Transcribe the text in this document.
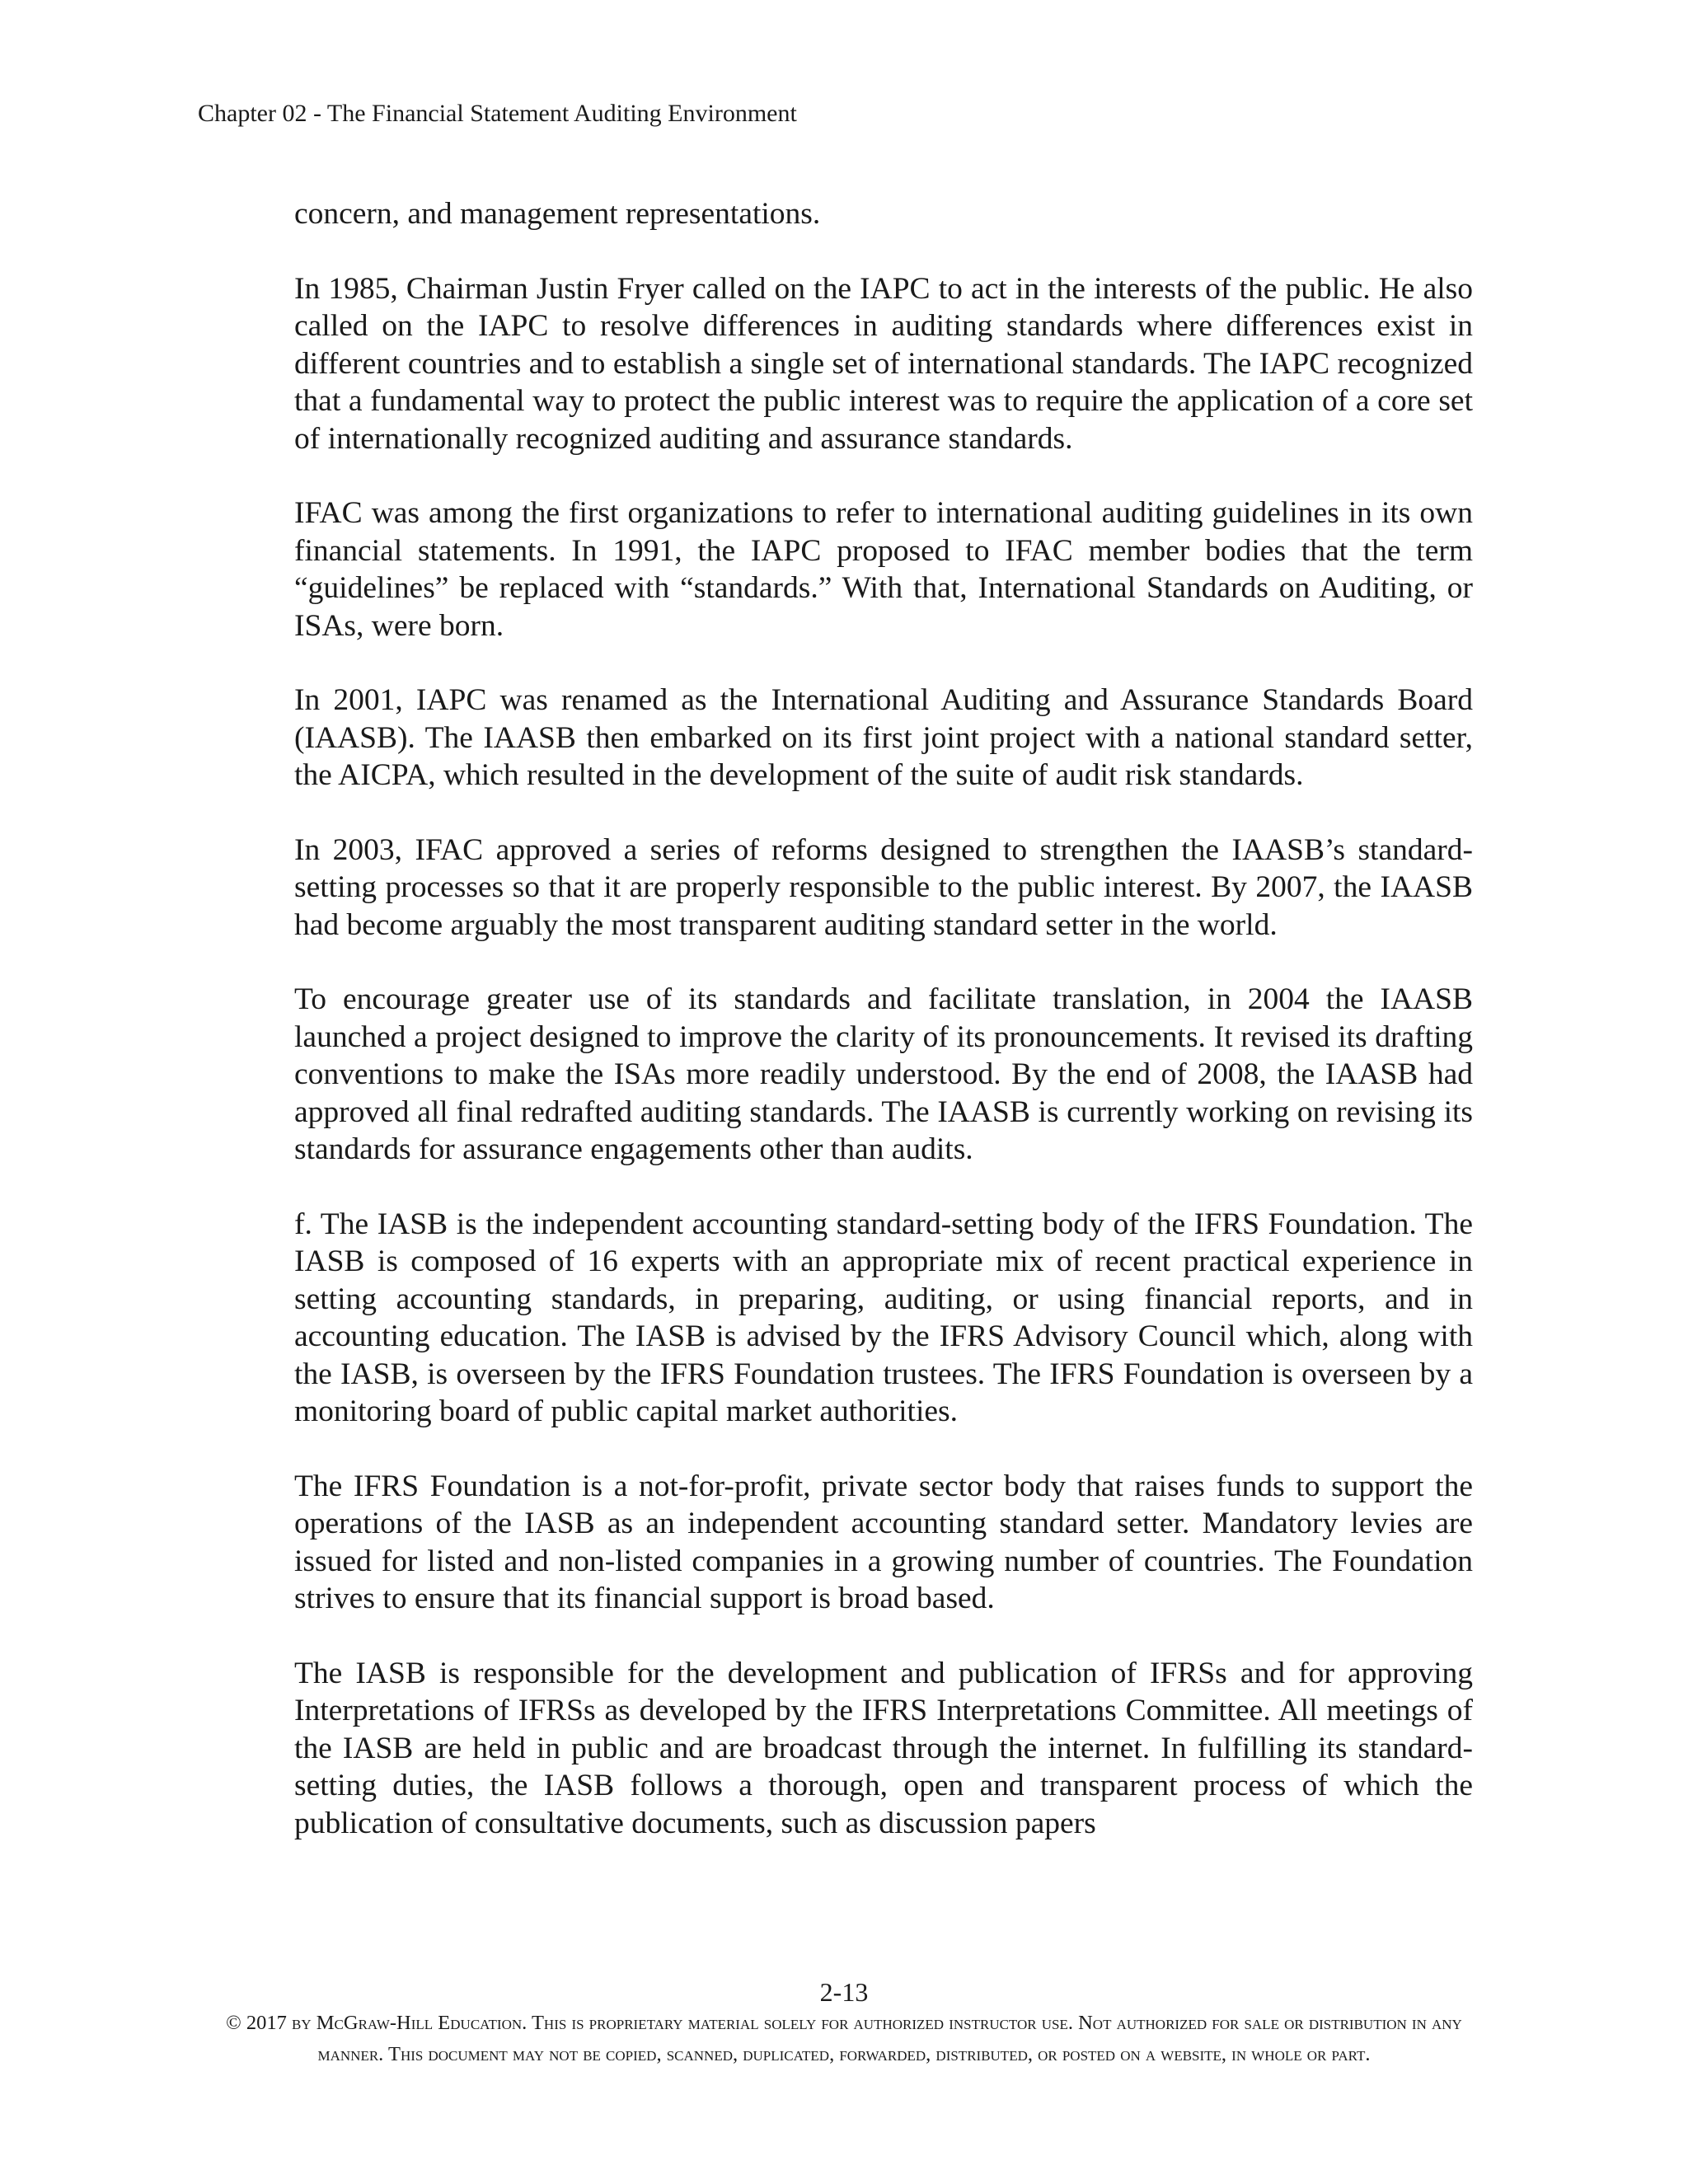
Chapter 02 - The Financial Statement Auditing Environment

concern, and management representations.

In 1985, Chairman Justin Fryer called on the IAPC to act in the interests of the public. He also called on the IAPC to resolve differences in auditing standards where differences exist in different countries and to establish a single set of international standards. The IAPC recognized that a fundamental way to protect the public interest was to require the application of a core set of internationally recognized auditing and assurance standards.

IFAC was among the first organizations to refer to international auditing guidelines in its own financial statements. In 1991, the IAPC proposed to IFAC member bodies that the term “guidelines” be replaced with “standards.” With that, International Standards on Auditing, or ISAs, were born.

In 2001, IAPC was renamed as the International Auditing and Assurance Standards Board (IAASB). The IAASB then embarked on its first joint project with a national standard setter, the AICPA, which resulted in the development of the suite of audit risk standards.

In 2003, IFAC approved a series of reforms designed to strengthen the IAASB’s standard-setting processes so that it are properly responsible to the public interest. By 2007, the IAASB had become arguably the most transparent auditing standard setter in the world.

To encourage greater use of its standards and facilitate translation, in 2004 the IAASB launched a project designed to improve the clarity of its pronouncements. It revised its drafting conventions to make the ISAs more readily understood. By the end of 2008, the IAASB had approved all final redrafted auditing standards. The IAASB is currently working on revising its standards for assurance engagements other than audits.

f. The IASB is the independent accounting standard-setting body of the IFRS Foundation. The IASB is composed of 16 experts with an appropriate mix of recent practical experience in setting accounting standards, in preparing, auditing, or using financial reports, and in accounting education. The IASB is advised by the IFRS Advisory Council which, along with the IASB, is overseen by the IFRS Foundation trustees. The IFRS Foundation is overseen by a monitoring board of public capital market authorities.

The IFRS Foundation is a not-for-profit, private sector body that raises funds to support the operations of the IASB as an independent accounting standard setter. Mandatory levies are issued for listed and non-listed companies in a growing number of countries. The Foundation strives to ensure that its financial support is broad based.

The IASB is responsible for the development and publication of IFRSs and for approving Interpretations of IFRSs as developed by the IFRS Interpretations Committee. All meetings of the IASB are held in public and are broadcast through the internet. In fulfilling its standard-setting duties, the IASB follows a thorough, open and transparent process of which the publication of consultative documents, such as discussion papers

2-13
© 2017 by McGraw-Hill Education. This is proprietary material solely for authorized instructor use. Not authorized for sale or distribution in any manner. This document may not be copied, scanned, duplicated, forwarded, distributed, or posted on a website, in whole or part.
